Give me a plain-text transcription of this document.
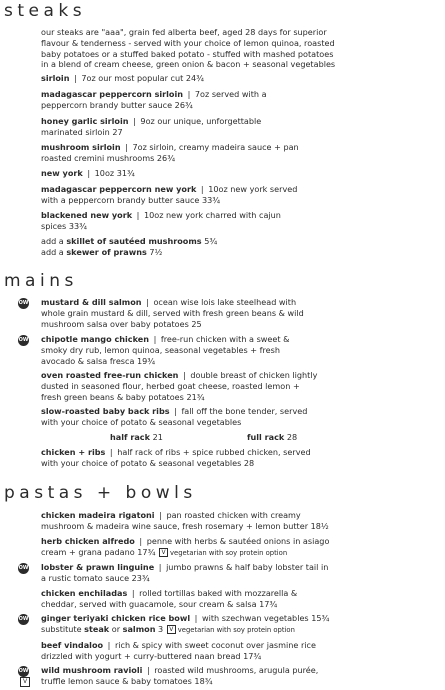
steaks
our steaks are "aaa", grain fed alberta beef, aged 28 days for superior
flavour & tenderness - served with your choice of lemon quinoa, roasted
baby potatoes or a stuffed baked potato - stuffed with mashed potatoes
in a blend of cream cheese, green onion & bacon + seasonal vegetables
sirloin | 7oz our most popular cut 24¾
madagascar peppercorn sirloin | 7oz served with a
peppercorn brandy butter sauce 26¾
honey garlic sirloin | 9oz our unique, unforgettable
marinated sirloin 27
mushroom sirloin | 7oz sirloin, creamy madeira sauce + pan
roasted cremini mushrooms 26¾
new york | 10oz 31¾
madagascar peppercorn new york | 10oz new york served
with a peppercorn brandy butter sauce 33¾
blackened new york | 10oz new york charred with cajun
spices 33¾
add a skillet of sautéed mushrooms 5¾
add a skewer of prawns 7½
mains
OW mustard & dill salmon | ocean wise lois lake steelhead with
whole grain mustard & dill, served with fresh green beans & wild
mushroom salsa over baby potatoes 25
OW chipotle mango chicken | free-run chicken with a sweet &
smoky dry rub, lemon quinoa, seasonal vegetables + fresh
avocado & salsa fresca 19¾
oven roasted free-run chicken | double breast of chicken lightly
dusted in seasoned flour, herbed goat cheese, roasted lemon +
fresh green beans & baby potatoes 21¾
slow-roasted baby back ribs | fall off the bone tender, served
with your choice of potato & seasonal vegetables
half rack 21	full rack 28
chicken + ribs | half rack of ribs + spice rubbed chicken, served
with your choice of potato & seasonal vegetables 28
pastas + bowls
chicken madeira rigatoni | pan roasted chicken with creamy
mushroom & madeira wine sauce, fresh rosemary + lemon butter 18½
herb chicken alfredo | penne with herbs & sautéed onions in asiago
cream + grana padano 17¾ V vegetarian with soy protein option
OW lobster & prawn linguine | jumbo prawns & half baby lobster tail in
a rustic tomato sauce 23¾
chicken enchiladas | rolled tortillas baked with mozzarella &
cheddar, served with guacamole, sour cream & salsa 17¾
OW ginger teriyaki chicken rice bowl | with szechwan vegetables 15¾
substitute steak or salmon 3 V vegetarian with soy protein option
beef vindaloo | rich & spicy with sweet coconut over jasmine rice
drizzled with yogurt + curry-buttered naan bread 17¾
OW
V
wild mushroom ravioli | roasted wild mushrooms, arugula purée,
truffle lemon sauce & baby tomatoes 18¾
